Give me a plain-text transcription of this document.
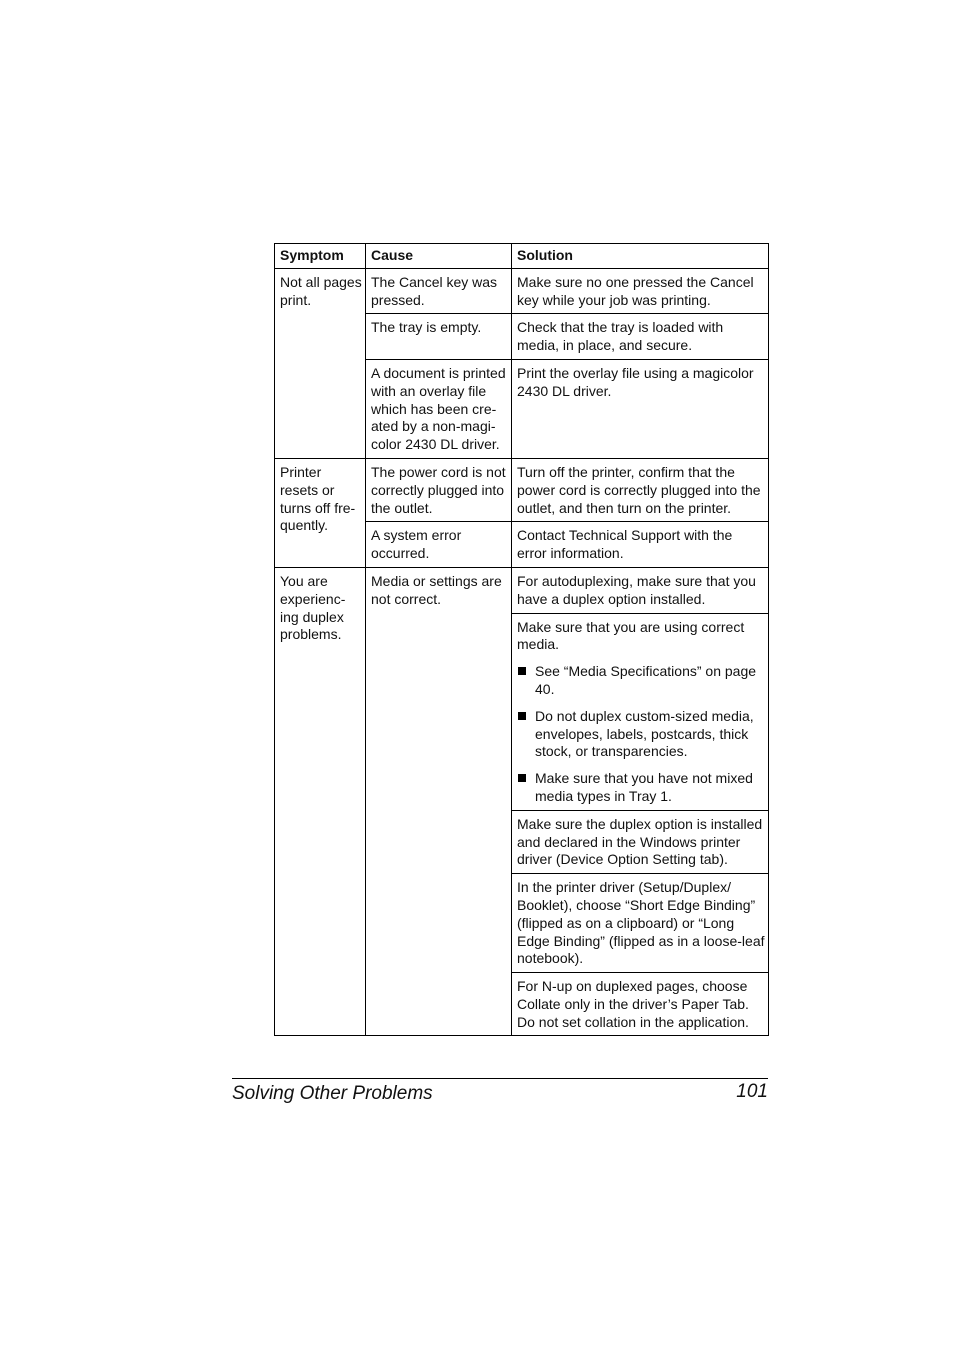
Symptom	Cause	Solution
Not all pages print.	The Cancel key was pressed.	Make sure no one pressed the Cancel key while your job was printing.
	The tray is empty.	Check that the tray is loaded with media, in place, and secure.
	A document is printed with an overlay file which has been cre-ated by a non-magi-color 2430 DL driver.	Print the overlay file using a magicolor 2430 DL driver.
Printer resets or turns off fre-quently.	The power cord is not correctly plugged into the outlet.	Turn off the printer, confirm that the power cord is correctly plugged into the outlet, and then turn on the printer.
	A system error occurred.	Contact Technical Support with the error information.
You are experienc-ing duplex problems.	Media or settings are not correct.	For autoduplexing, make sure that you have a duplex option installed.

		Make sure that you are using correct media.
See “Media Specifications” on page 40.
Do not duplex custom-sized media, envelopes, labels, postcards, thick stock, or transparencies.
Make sure that you have not mixed media types in Tray 1.

		Make sure the duplex option is installed and declared in the Windows printer driver (Device Option Setting tab).
		In the printer driver (Setup/Duplex/ Booklet), choose “Short Edge Binding” (flipped as on a clipboard) or “Long Edge Binding” (flipped as in a loose-leaf notebook).
		For N-up on duplexed pages, choose Collate only in the driver’s Paper Tab. Do not set collation in the application.
Solving Other Problems	101
